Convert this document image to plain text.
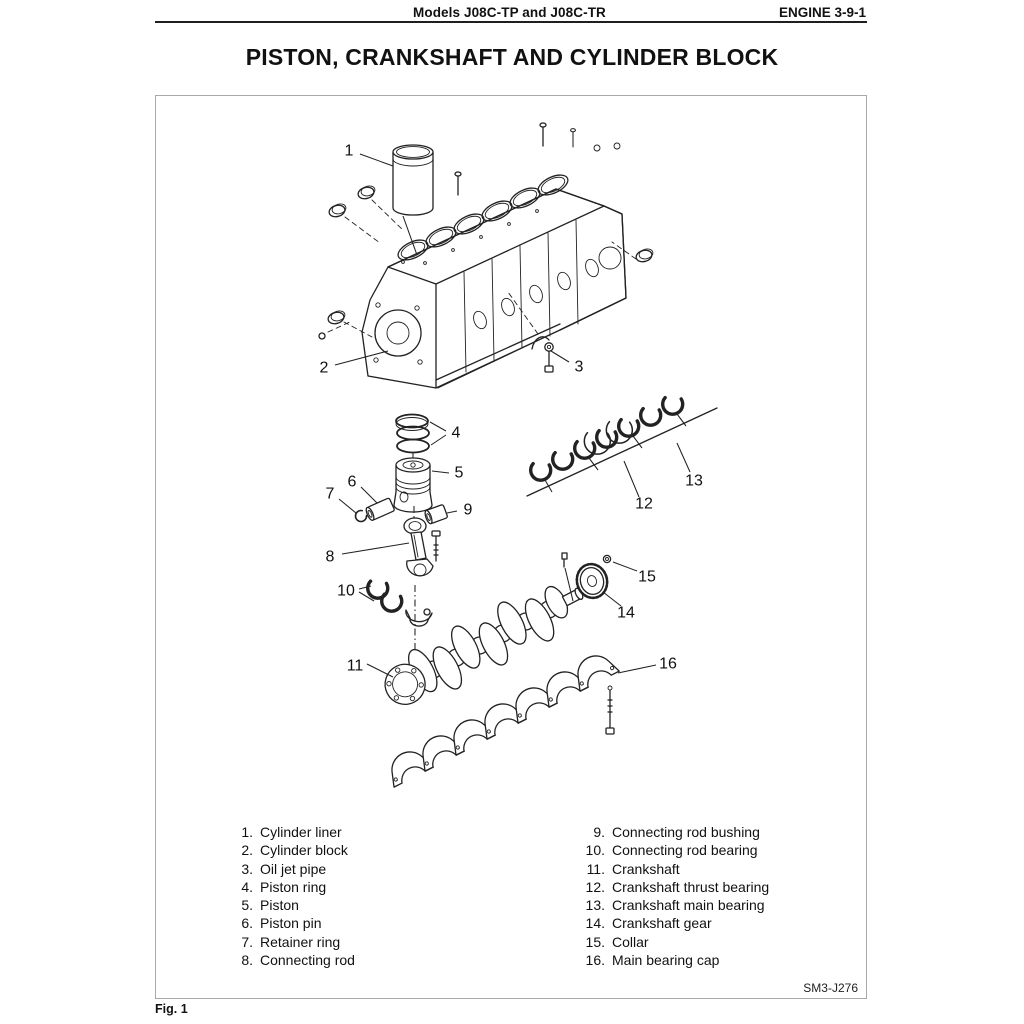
Models J08C-TP and J08C-TR	ENGINE 3-9-1
PISTON, CRANKSHAFT AND CYLINDER BLOCK
1
2	3
4
5
6
7
8
9
10
11
12
13
14
15
16
1. Cylinder liner
2. Cylinder block
3. Oil jet pipe
4. Piston ring
5. Piston
6. Piston pin
7. Retainer ring
8. Connecting rod
9. Connecting rod bushing
10. Connecting rod bearing
11. Crankshaft
12. Crankshaft thrust bearing
13. Crankshaft main bearing
14. Crankshaft gear
15. Collar
16. Main bearing cap
SM3-J276
Fig. 1
